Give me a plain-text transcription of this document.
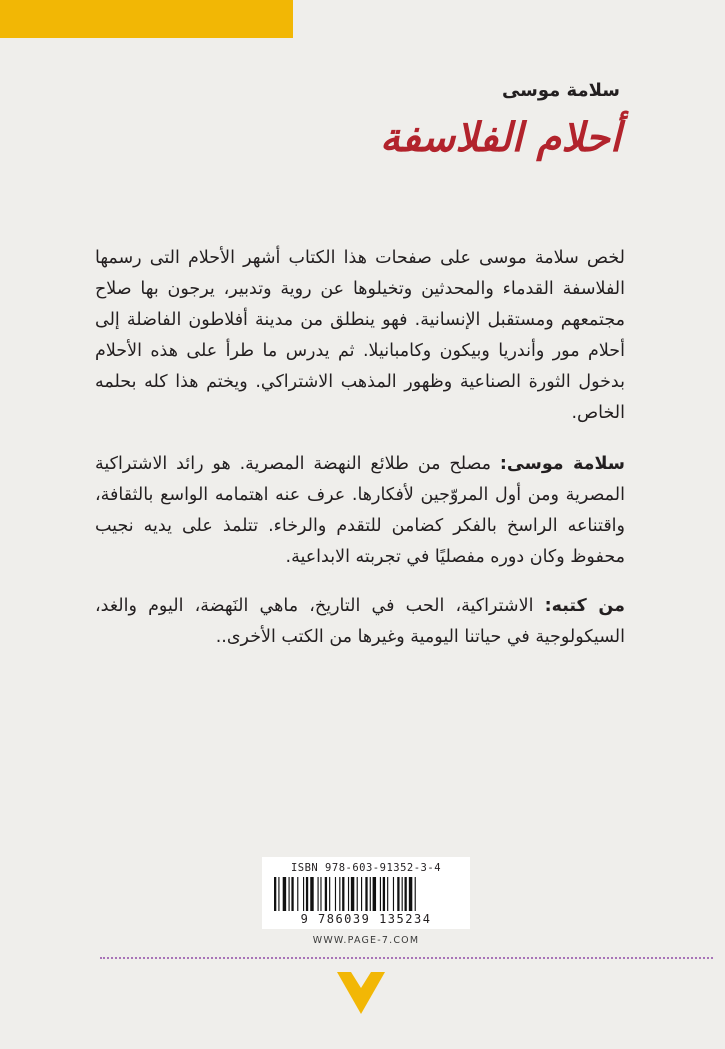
سلامة موسى
أحلام الفلاسفة

لخص سلامة موسى على صفحات هذا الكتاب أشهر الأحلام التى رسمها الفلاسفة القدماء والمحدثين وتخيلوها عن روية وتدبير، يرجون بها صلاح مجتمعهم ومستقبل الإنسانية. فهو ينطلق من مدينة أفلاطون الفاضلة إلى أحلام مور وأندريا وبيكون وكامبانيلا. ثم يدرس ما طرأ على هذه الأحلام بدخول الثورة الصناعية وظهور المذهب الاشتراكي. ويختم هذا كله بحلمه الخاص.

سلامة موسى: مصلح من طلائع النهضة المصرية. هو رائد الاشتراكية المصرية ومن أول المروّجين لأفكارها. عرف عنه اهتمامه الواسع بالثقافة، واقتناعه الراسخ بالفكر كضامن للتقدم والرخاء. تتلمذ على يديه نجيب محفوظ وكان دوره مفصليًا في تجربته الابداعية.

من كتبه: الاشتراكية، الحب في التاريخ، ماهي النَهضة، اليوم والغد، السيكولوجية في حياتنا اليومية وغيرها من الكتب الأخرى..

ISBN 978-603-91352-3-4
9 786039 135234
WWW.PAGE-7.COM
